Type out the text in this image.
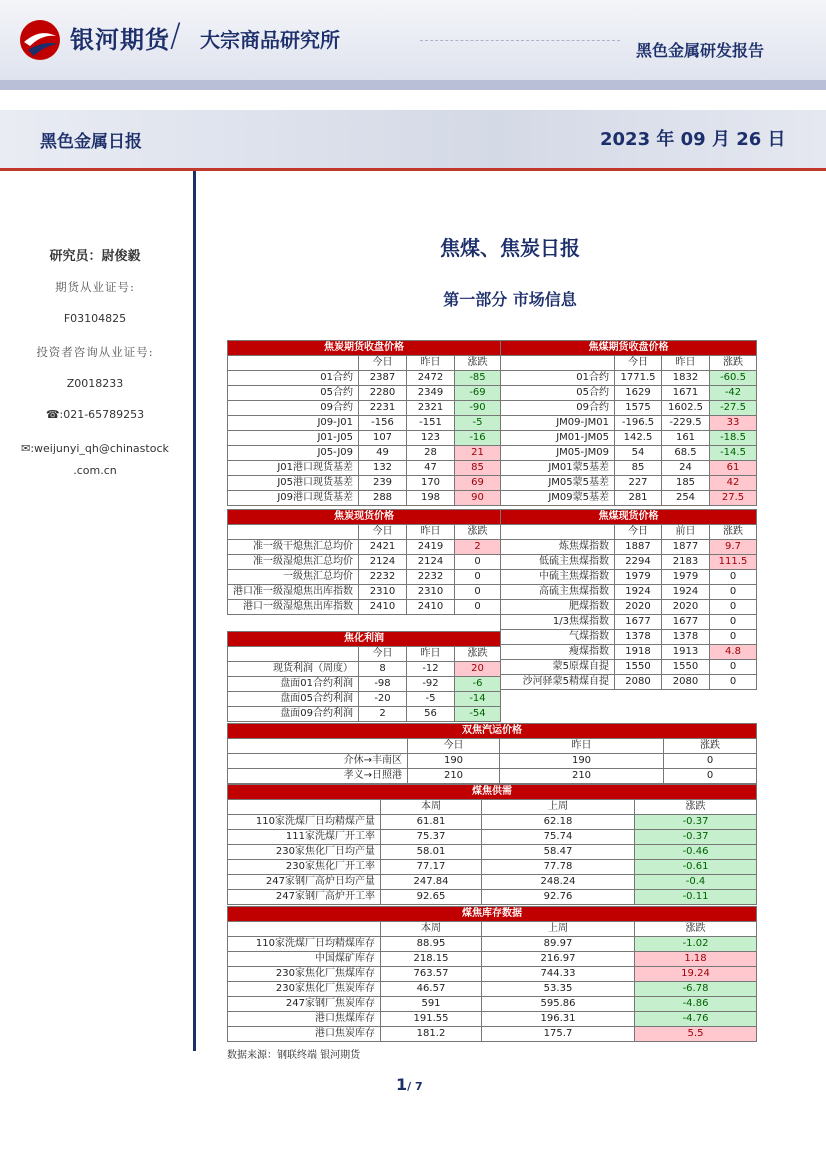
银河期货 / 大宗商品研究所	黑色金属研发报告
黑色金属日报	2023 年 09 月 26 日
研究员：尉俊毅
期货从业证号:
F03104825
投资者咨询从业证号:
Z0018233
☎:021-65789253
✉:weijunyi_qh@chinastock
.com.cn
焦煤、焦炭日报
第一部分 市场信息
焦炭期货收盘价格			
	今日	昨日	涨跌
01合约	2387	2472	-85
05合约	2280	2349	-69
09合约	2231	2321	-90
J09-J01	-156	-151	-5
J01-J05	107	123	-16
J05-J09	49	28	21
J01港口现货基差	132	47	85
J05港口现货基差	239	170	69
J09港口现货基差	288	198	90
焦煤期货收盘价格			
	今日	昨日	涨跌
01合约	1771.5	1832	-60.5
05合约	1629	1671	-42
09合约	1575	1602.5	-27.5
JM09-JM01	-196.5	-229.5	33
JM01-JM05	142.5	161	-18.5
JM05-JM09	54	68.5	-14.5
JM01蒙5基差	85	24	61
JM05蒙5基差	227	185	42
JM09蒙5基差	281	254	27.5
焦炭现货价格			
	今日	昨日	涨跌
准一级干熄焦汇总均价	2421	2419	2
准一级湿熄焦汇总均价	2124	2124	0
一级焦汇总均价	2232	2232	0
港口准一级湿熄焦出库指数	2310	2310	0
港口一级湿熄焦出库指数	2410	2410	0
焦煤现货价格			
	今日	前日	涨跌
炼焦煤指数	1887	1877	9.7
低硫主焦煤指数	2294	2183	111.5
中硫主焦煤指数	1979	1979	0
高硫主焦煤指数	1924	1924	0
肥煤指数	2020	2020	0
1/3焦煤指数	1677	1677	0
气煤指数	1378	1378	0
瘦煤指数	1918	1913	4.8
蒙5原煤自提	1550	1550	0
沙河驿蒙5精煤自提	2080	2080	0
焦化利润			
	今日	昨日	涨跌
现货利润（周度）	8	-12	20
盘面01合约利润	-98	-92	-6
盘面05合约利润	-20	-5	-14
盘面09合约利润	2	56	-54
双焦汽运价格			
	今日	昨日	涨跌
介休→丰南区	190	190	0
孝义→日照港	210	210	0
煤焦供需			
	本周	上周	涨跌
110家洗煤厂日均精煤产量	61.81	62.18	-0.37
111家洗煤厂开工率	75.37	75.74	-0.37
230家焦化厂日均产量	58.01	58.47	-0.46
230家焦化厂开工率	77.17	77.78	-0.61
247家钢厂高炉日均产量	247.84	248.24	-0.4
247家钢厂高炉开工率	92.65	92.76	-0.11
煤焦库存数据			
	本周	上周	涨跌
110家洗煤厂日均精煤库存	88.95	89.97	-1.02
中国煤矿库存	218.15	216.97	1.18
230家焦化厂焦煤库存	763.57	744.33	19.24
230家焦化厂焦炭库存	46.57	53.35	-6.78
247家钢厂焦炭库存	591	595.86	-4.86
港口焦煤库存	191.55	196.31	-4.76
港口焦炭库存	181.2	175.7	5.5
数据来源：钢联终端 银河期货
1/ 7
